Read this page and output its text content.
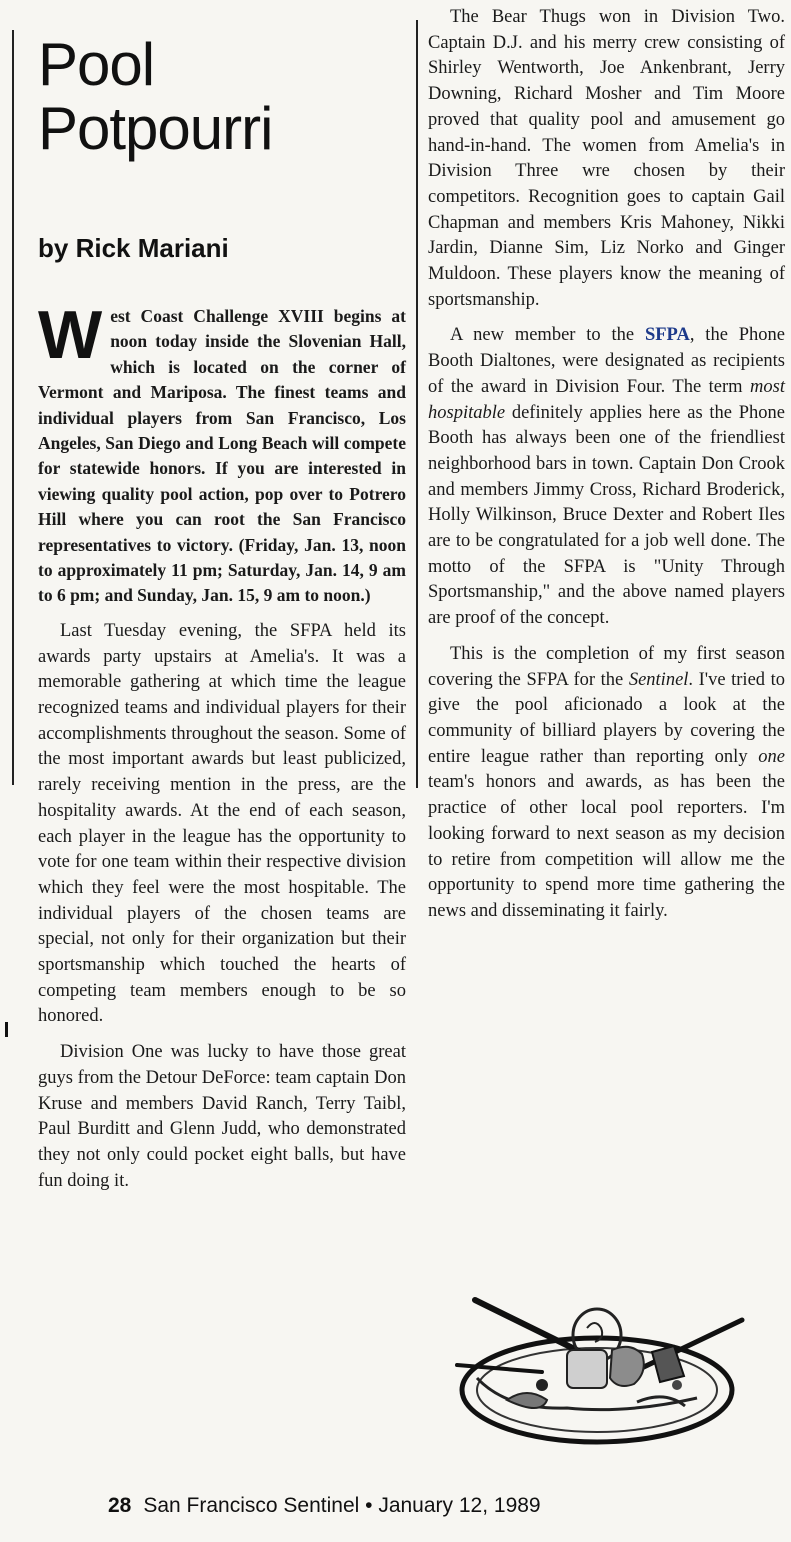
Pool
Potpourri
by Rick Mariani

West Coast Challenge XVIII begins at noon today inside the Slovenian Hall, which is located on the corner of Vermont and Mariposa. The finest teams and individual players from San Francisco, Los Angeles, San Diego and Long Beach will compete for statewide honors. If you are interested in viewing quality pool action, pop over to Potrero Hill where you can root the San Francisco representatives to victory. (Friday, Jan. 13, noon to approximately 11 pm; Saturday, Jan. 14, 9 am to 6 pm; and Sunday, Jan. 15, 9 am to noon.)

Last Tuesday evening, the SFPA held its awards party upstairs at Amelia's. It was a memorable gathering at which time the league recognized teams and individual players for their accomplishments throughout the season. Some of the most important awards but least publicized, rarely receiving mention in the press, are the hospitality awards. At the end of each season, each player in the league has the opportunity to vote for one team within their respective division which they feel were the most hospitable. The individual players of the chosen teams are special, not only for their organization but their sportsmanship which touched the hearts of competing team members enough to be so honored.

Division One was lucky to have those great guys from the Detour DeForce: team captain Don Kruse and members David Ranch, Terry Taibl, Paul Burditt and Glenn Judd, who demonstrated they not only could pocket eight balls, but have fun doing it.

The Bear Thugs won in Division Two. Captain D.J. and his merry crew consisting of Shirley Wentworth, Joe Ankenbrant, Jerry Downing, Richard Mosher and Tim Moore proved that quality pool and amusement go hand-in-hand. The women from Amelia's in Division Three wre chosen by their competitors. Recognition goes to captain Gail Chapman and members Kris Mahoney, Nikki Jardin, Dianne Sim, Liz Norko and Ginger Muldoon. These players know the meaning of sportsmanship.

A new member to the SFPA, the Phone Booth Dialtones, were designated as recipients of the award in Division Four. The term most hospitable definitely applies here as the Phone Booth has always been one of the friendliest neighborhood bars in town. Captain Don Crook and members Jimmy Cross, Richard Broderick, Holly Wilkinson, Bruce Dexter and Robert Iles are to be congratulated for a job well done. The motto of the SFPA is "Unity Through Sportsmanship," and the above named players are proof of the concept.

This is the completion of my first season covering the SFPA for the Sentinel. I've tried to give the pool aficionado a look at the community of billiard players by covering the entire league rather than reporting only one team's honors and awards, as has been the practice of other local pool reporters. I'm looking forward to next season as my decision to retire from competition will allow me the opportunity to spend more time gathering the news and disseminating it fairly.

28 San Francisco Sentinel • January 12, 1989
